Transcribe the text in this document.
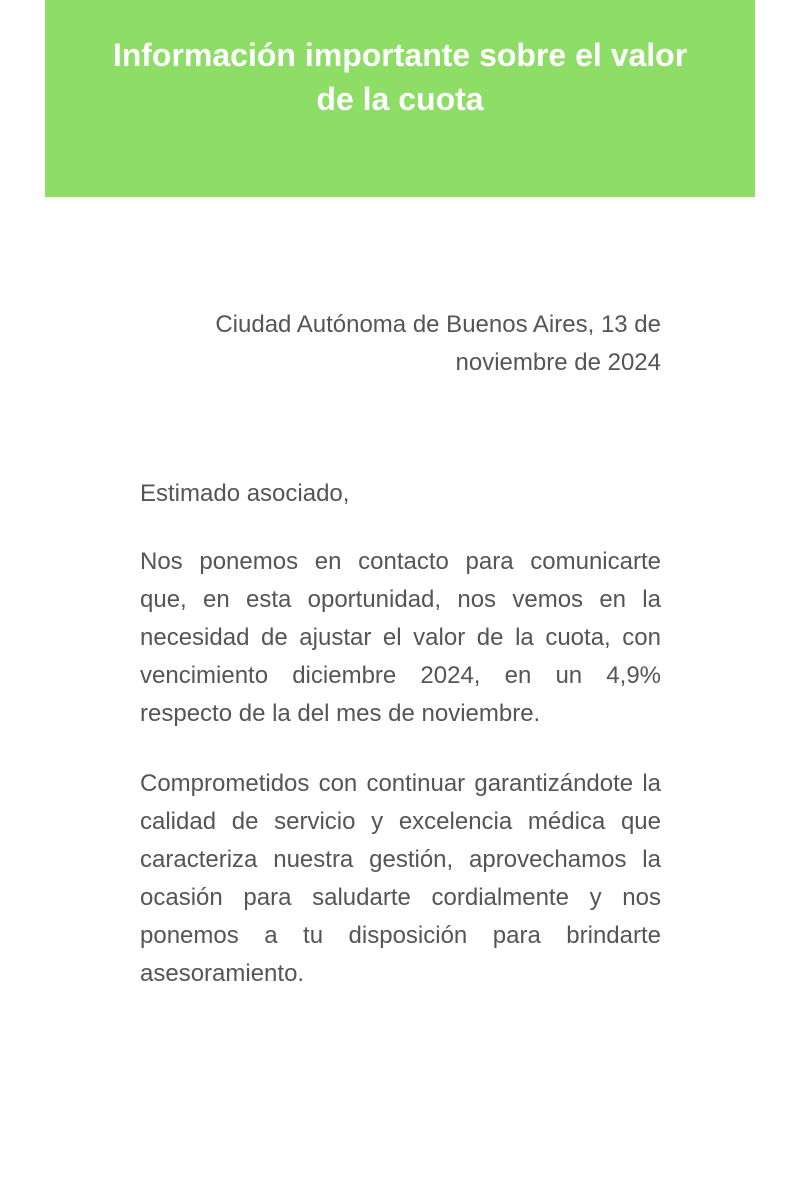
Información importante sobre el valor de la cuota

Ciudad Autónoma de Buenos Aires, 13 de noviembre de 2024

Estimado asociado,

Nos ponemos en contacto para comunicarte que, en esta oportunidad, nos vemos en la necesidad de ajustar el valor de la cuota, con vencimiento diciembre 2024, en un 4,9% respecto de la del mes de noviembre.

Comprometidos con continuar garantizándote la calidad de servicio y excelencia médica que caracteriza nuestra gestión, aprovechamos la ocasión para saludarte cordialmente y nos ponemos a tu disposición para brindarte asesoramiento.
